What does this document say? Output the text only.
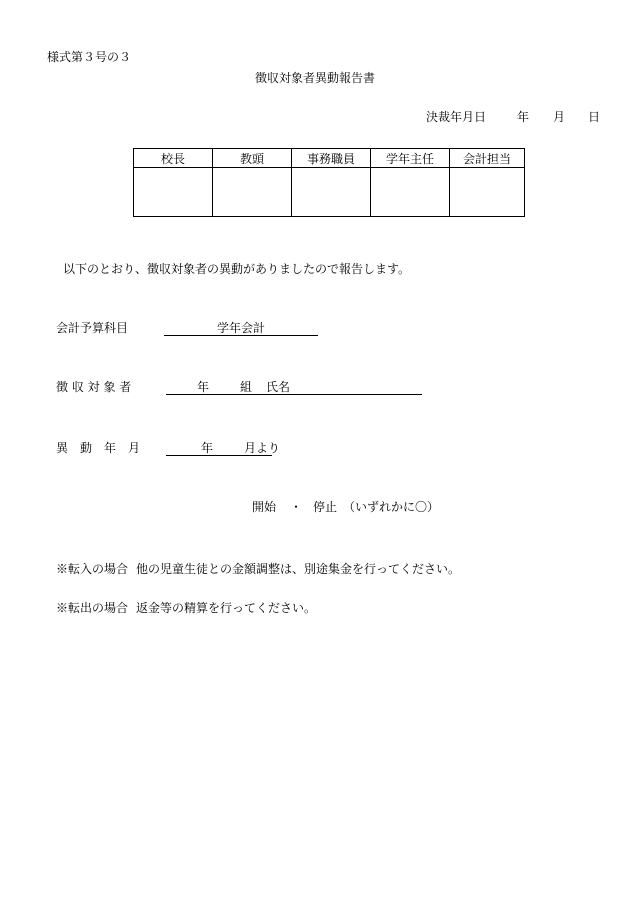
様式第３号の３
徴収対象者異動報告書
決裁年月日	年 月 日
校長	教頭	事務職員	学年主任	会計担当

以下のとおり、徴収対象者の異動がありましたので報告します。
会計予算科目	学年会計
徴 収 対 象 者	年	組 氏名
異　動　年　月	年	月より
開始 ・ 停止 （いずれかに〇）
※転入の場合 他の児童生徒との金額調整は、別途集金を行ってください。
※転出の場合 返金等の精算を行ってください。
